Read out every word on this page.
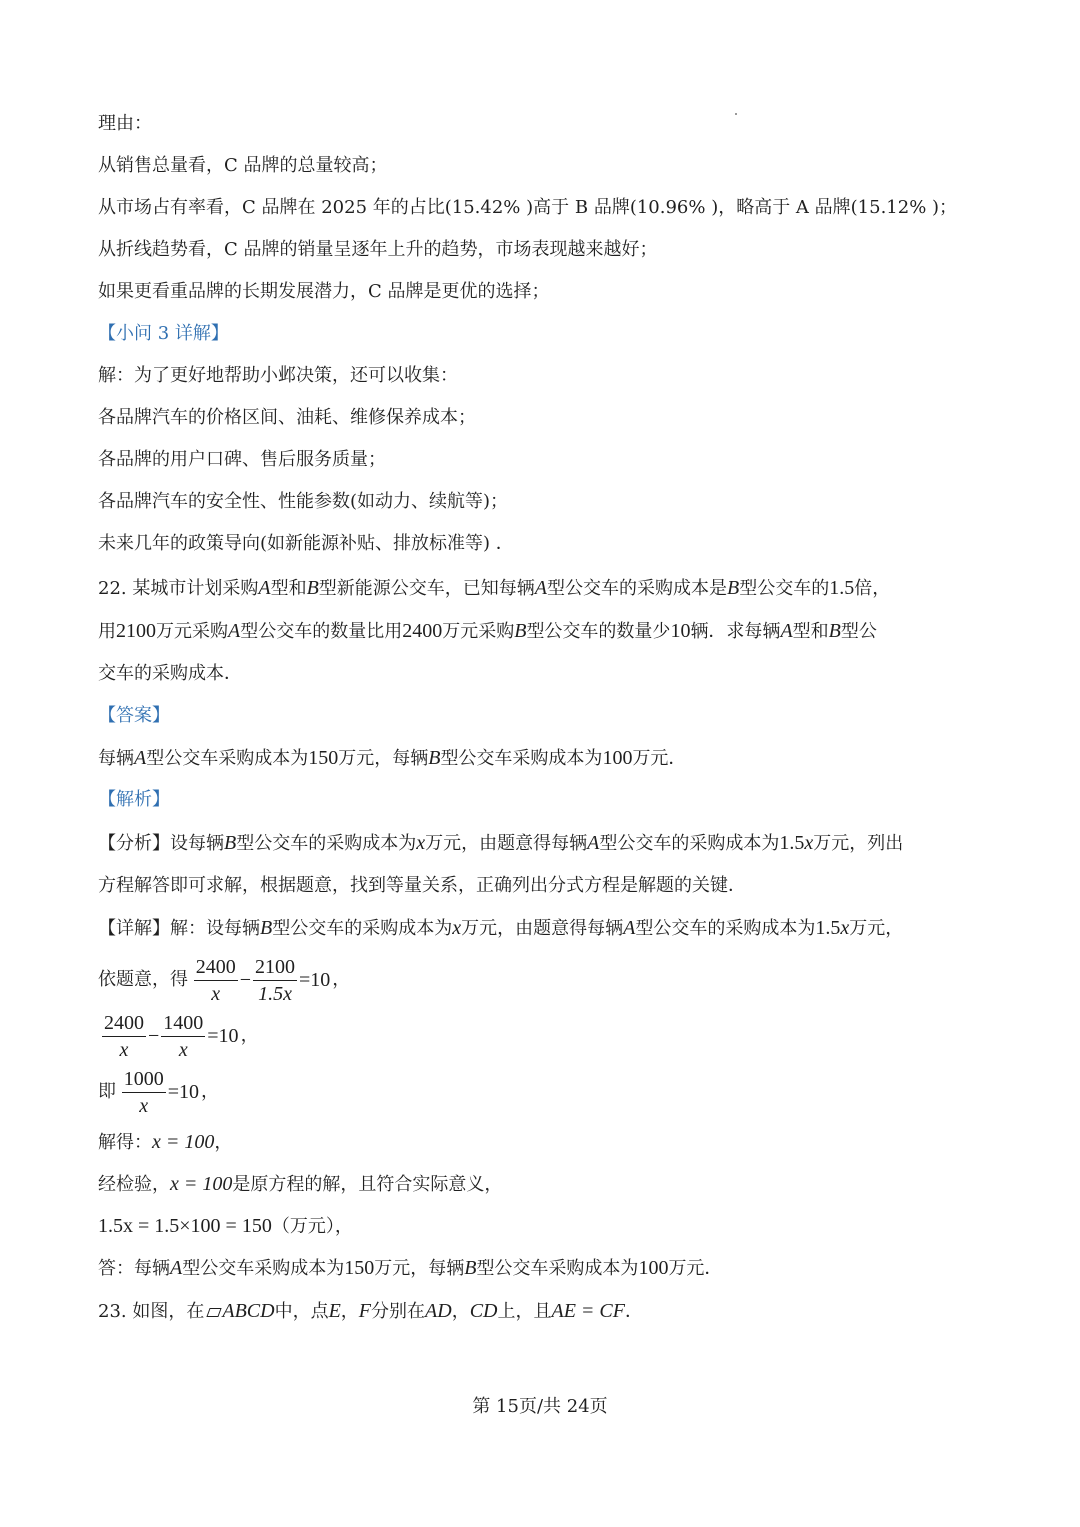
理由：
从销售总量看，C 品牌的总量较高；
从市场占有率看，C 品牌在 2025 年的占比(15.42% )高于 B 品牌(10.96% )，略高于 A 品牌(15.12% )；
从折线趋势看，C 品牌的销量呈逐年上升的趋势，市场表现越来越好；
如果更看重品牌的长期发展潜力，C 品牌是更优的选择；
【小问 3 详解】
解：为了更好地帮助小邺决策，还可以收集：
各品牌汽车的价格区间、油耗、维修保养成本；
各品牌的用户口碑、售后服务质量；
各品牌汽车的安全性、性能参数(如动力、续航等)；
未来几年的政策导向(如新能源补贴、排放标准等) ．
22. 某城市计划采购A型和B型新能源公交车，已知每辆A型公交车的采购成本是B型公交车的1.5倍，
用2100万元采购A型公交车的数量比用2400万元采购B型公交车的数量少10辆．求每辆A型和B型公
交车的采购成本．
【答案】
每辆A型公交车采购成本为150万元，每辆B型公交车采购成本为100万元．
【解析】
【分析】设每辆B型公交车的采购成本为x万元，由题意得每辆A型公交车的采购成本为1.5x万元，列出
方程解答即可求解，根据题意，找到等量关系，正确列出分式方程是解题的关键．
【详解】解：设每辆B型公交车的采购成本为x万元，由题意得每辆A型公交车的采购成本为1.5x万元，
依题意，得 $\frac{2400}{x} - \frac{2100}{1.5x} =10$ ，
$\frac{2400}{x} - \frac{1400}{x} =10$ ，
即 $\frac{1000}{x} =10$ ，
解得：x = 100，
经检验，x = 100是原方程的解，且符合实际意义，
1.5x = 1.5×100 = 150（万元），
答：每辆A型公交车采购成本为150万元，每辆B型公交车采购成本为100万元．
23. 如图，在 ABCD中，点E，F分别在AD，CD上，且AE = CF．
第 15页/共 24页
